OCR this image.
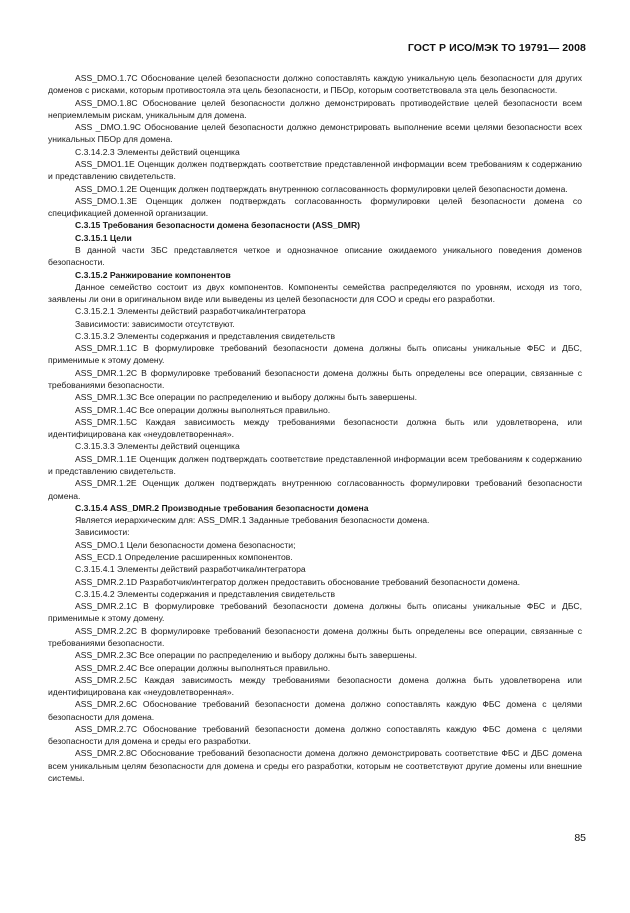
ГОСТ Р ИСО/МЭК ТО 19791— 2008

ASS_DMO.1.7C Обоснование целей безопасности должно сопоставлять каждую уникальную цель безопасности для других доменов с рисками, которым противостояла эта цель безопасности, и ПБОр, которым соответствовала эта цель безопасности.

ASS_DMO.1.8C Обоснование целей безопасности должно демонстрировать противодействие целей безопасности всем неприемлемым рискам, уникальным для домена.

ASS _DMO.1.9C Обоснование целей безопасности должно демонстрировать выполнение всеми целями безопасности всех уникальных ПБОр для домена.

С.3.14.2.3 Элементы действий оценщика

ASS_DMO1.1E Оценщик должен подтверждать соответствие представленной информации всем требованиям к содержанию и представлению свидетельств.

ASS_DMO.1.2E Оценщик должен подтверждать внутреннюю согласованность формулировки целей безопасности домена.

ASS_DMO.1.3E Оценщик должен подтверждать согласованность формулировки целей безопасности домена со спецификацией доменной организации.

С.3.15 Требования безопасности домена безопасности (ASS_DMR)

С.3.15.1 Цели

В данной части ЗБС представляется четкое и однозначное описание ожидаемого уникального поведения доменов безопасности.

С.3.15.2 Ранжирование компонентов

Данное семейство состоит из двух компонентов. Компоненты семейства распределяются по уровням, исходя из того, заявлены ли они в оригинальном виде или выведены из целей безопасности для СОО и среды его разработки.

С.3.15.2.1 Элементы действий разработчика/интегратора

Зависимости: зависимости отсутствуют.

С.3.15.3.2 Элементы содержания и представления свидетельств

ASS_DMR.1.1C В формулировке требований безопасности домена должны быть описаны уникальные ФБС и ДБС, применимые к этому домену.

ASS_DMR.1.2C В формулировке требований безопасности домена должны быть определены все операции, связанные с требованиями безопасности.

ASS_DMR.1.3C Все операции по распределению и выбору должны быть завершены.

ASS_DMR.1.4C Все операции должны выполняться правильно.

ASS_DMR.1.5C Каждая зависимость между требованиями безопасности должна быть или удовлетворена, или идентифицирована как «неудовлетворенная».

С.3.15.3.3 Элементы действий оценщика

ASS_DMR.1.1E Оценщик должен подтверждать соответствие представленной информации всем требованиям к содержанию и представлению свидетельств.

ASS_DMR.1.2E Оценщик должен подтверждать внутреннюю согласованность формулировки требований безопасности домена.

С.3.15.4 ASS_DMR.2 Производные требования безопасности домена

Является иерархическим для: ASS_DMR.1 Заданные требования безопасности домена.

Зависимости:

ASS_DMO.1 Цели безопасности домена безопасности;

ASS_ECD.1 Определение расширенных компонентов.

С.3.15.4.1 Элементы действий разработчика/интегратора

ASS_DMR.2.1D Разработчик/интегратор должен предоставить обоснование требований безопасности домена.

С.3.15.4.2 Элементы содержания и представления свидетельств

ASS_DMR.2.1C В формулировке требований безопасности домена должны быть описаны уникальные ФБС и ДБС, применимые к этому домену.

ASS_DMR.2.2C В формулировке требований безопасности домена должны быть определены все операции, связанные с требованиями безопасности.

ASS_DMR.2.3C Все операции по распределению и выбору должны быть завершены.

ASS_DMR.2.4C Все операции должны выполняться правильно.

ASS_DMR.2.5C Каждая зависимость между требованиями безопасности домена должна быть удовлетворена или идентифицирована как «неудовлетворенная».

ASS_DMR.2.6C Обоснование требований безопасности домена должно сопоставлять каждую ФБС домена с целями безопасности для домена.

ASS_DMR.2.7C Обоснование требований безопасности домена должно сопоставлять каждую ФБС домена с целями безопасности для домена и среды его разработки.

ASS_DMR.2.8C Обоснование требований безопасности домена должно демонстрировать соответствие ФБС и ДБС домена всем уникальным целям безопасности для домена и среды его разработки, которым не соответствуют другие домены или внешние системы.

85
